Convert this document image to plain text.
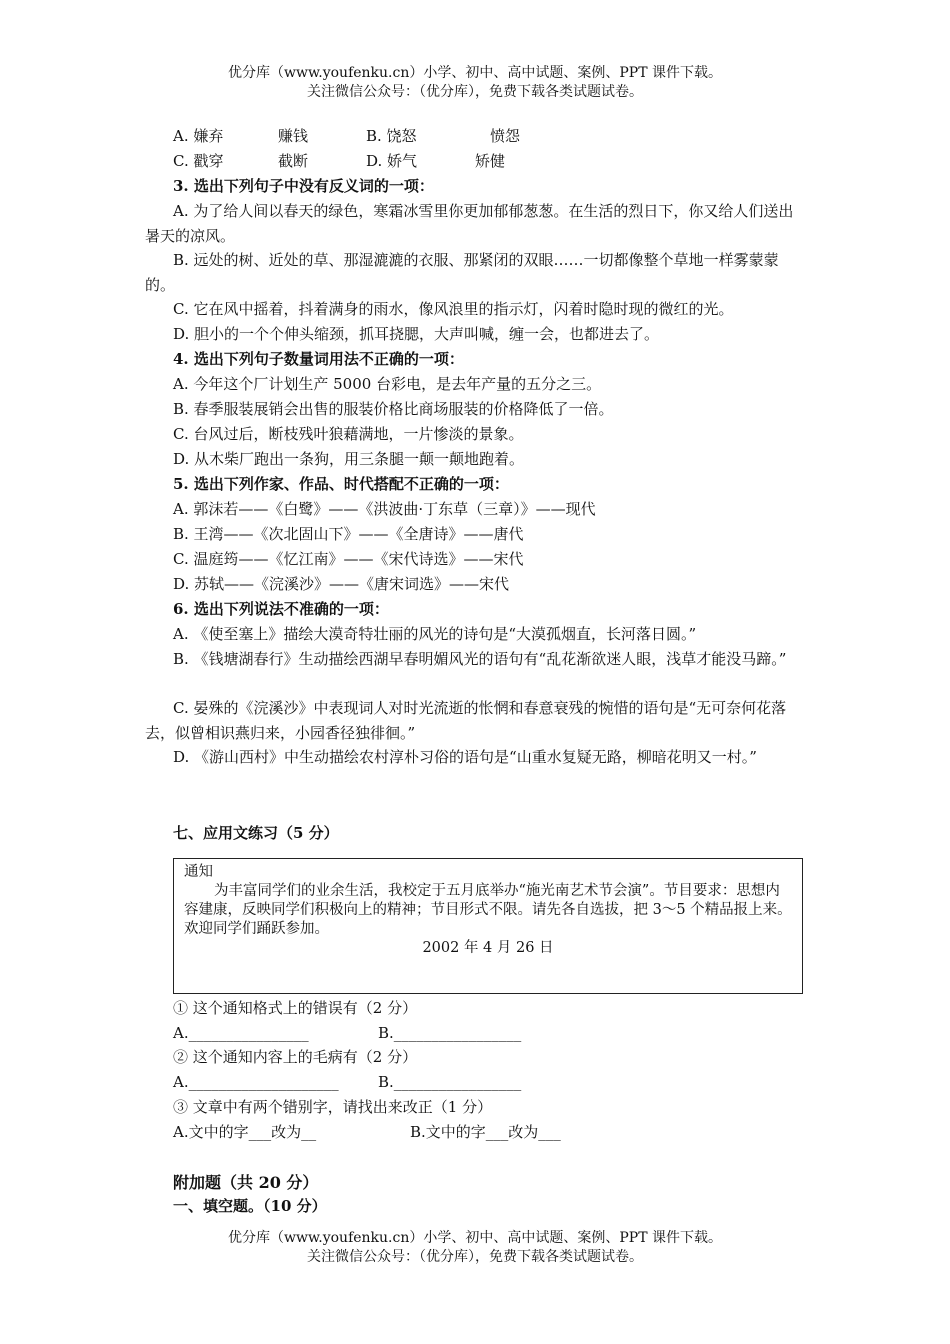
优分库（www.youfenku.cn）小学、初中、高中试题、案例、PPT 课件下载。
关注微信公众号：（优分库），免费下载各类试题试卷。
A. 嫌弃	赚钱	B. 饶怒	愤怨
C. 戳穿	截断	D. 娇气	矫健
3. 选出下列句子中没有反义词的一项：
A. 为了给人间以春天的绿色，寒霜冰雪里你更加郁郁葱葱。在生活的烈日下，你又给人们送出暑天的凉风。
B. 远处的树、近处的草、那湿漉漉的衣服、那紧闭的双眼……一切都像整个草地一样雾蒙蒙的。
C. 它在风中摇着，抖着满身的雨水，像风浪里的指示灯，闪着时隐时现的微红的光。
D. 胆小的一个个伸头缩颈，抓耳挠腮，大声叫喊，缠一会，也都进去了。
4. 选出下列句子数量词用法不正确的一项：
A. 今年这个厂计划生产 5000 台彩电，是去年产量的五分之三。
B. 春季服装展销会出售的服装价格比商场服装的价格降低了一倍。
C. 台风过后，断枝残叶狼藉满地，一片惨淡的景象。
D. 从木柴厂跑出一条狗，用三条腿一颠一颠地跑着。
5. 选出下列作家、作品、时代搭配不正确的一项：
A. 郭沫若——《白鹭》——《洪波曲·丁东草（三章）》——现代
B. 王湾——《次北固山下》——《全唐诗》——唐代
C. 温庭筠——《忆江南》——《宋代诗选》——宋代
D. 苏轼——《浣溪沙》——《唐宋词选》——宋代
6. 选出下列说法不准确的一项：
A. 《使至塞上》描绘大漠奇特壮丽的风光的诗句是“大漠孤烟直，长河落日圆。”
B. 《钱塘湖春行》生动描绘西湖早春明媚风光的语句有“乱花渐欲迷人眼，浅草才能没马蹄。”
C. 晏殊的《浣溪沙》中表现词人对时光流逝的怅惘和春意衰残的惋惜的语句是“无可奈何花落去，似曾相识燕归来，小园香径独徘徊。”
D. 《游山西村》中生动描绘农村淳朴习俗的语句是“山重水复疑无路，柳暗花明又一村。”
七、应用文练习（5 分）
通知
为丰富同学们的业余生活，我校定于五月底举办“施光南艺术节会演”。节目要求：思想内容建康，反映同学们积极向上的精神；节目形式不限。请先各自选拔，把 3～5 个精品报上来。欢迎同学们踊跃参加。
2002 年 4 月 26 日
① 这个通知格式上的错误有（2 分）
A.________________	B._________________
② 这个通知内容上的毛病有（2 分）
A.____________________	B._________________
③ 文章中有两个错别字，请找出来改正（1 分）
A.文中的字___改为__	B.文中的字___改为___
附加题（共 20 分）
一、填空题。（10 分）
优分库（www.youfenku.cn）小学、初中、高中试题、案例、PPT 课件下载。
关注微信公众号：（优分库），免费下载各类试题试卷。
